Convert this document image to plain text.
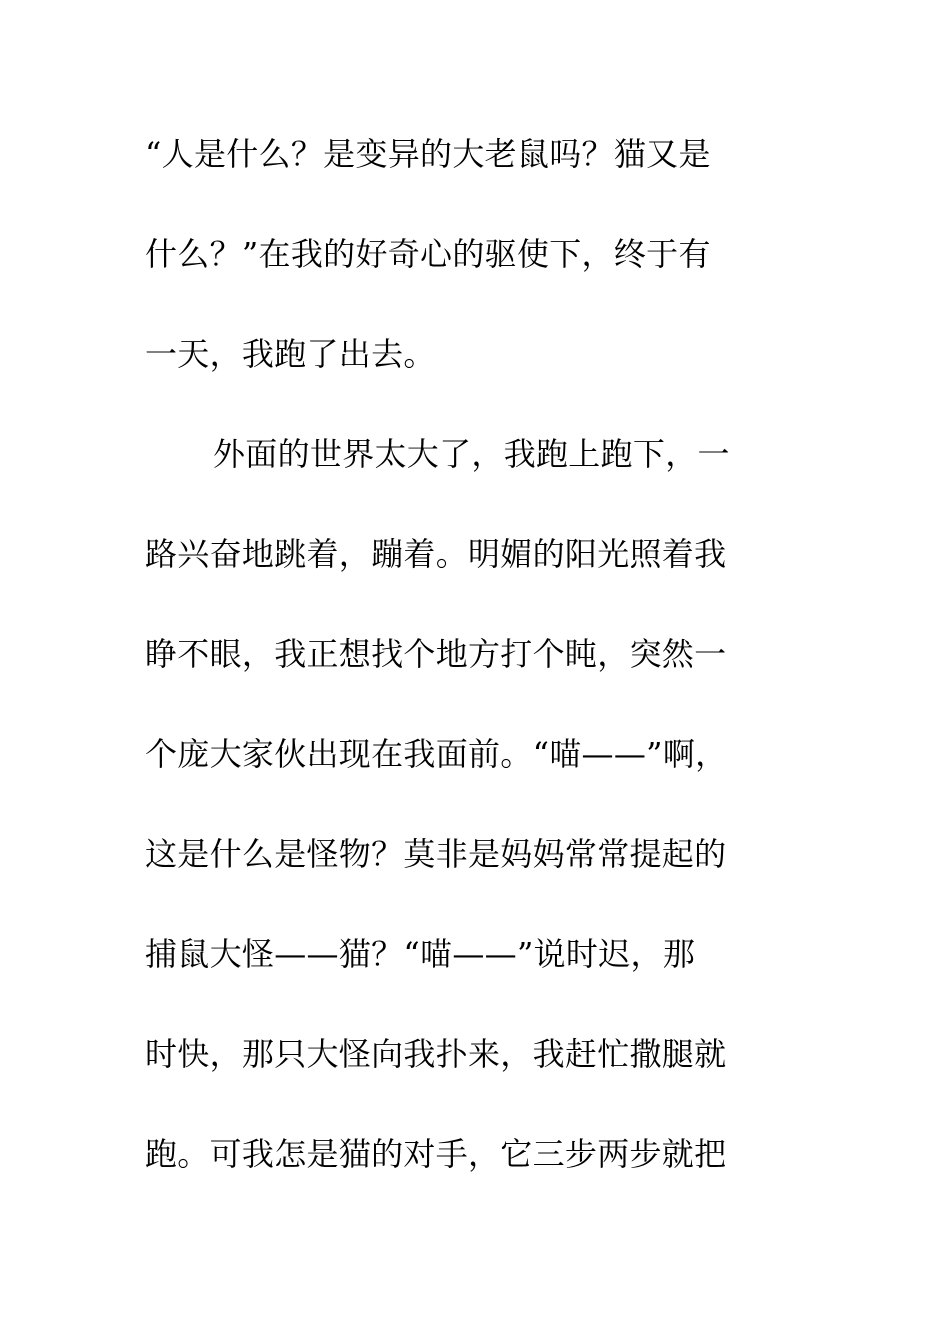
“人是什么？是变异的大老鼠吗？猫又是
什么？”在我的好奇心的驱使下，终于有
一天，我跑了出去。
外面的世界太大了，我跑上跑下，一
路兴奋地跳着，蹦着。明媚的阳光照着我
睁不眼，我正想找个地方打个盹，突然一
个庞大家伙出现在我面前。“喵——”啊，
这是什么是怪物？莫非是妈妈常常提起的
捕鼠大怪——猫？“喵——”说时迟，那
时快，那只大怪向我扑来，我赶忙撒腿就
跑。可我怎是猫的对手，它三步两步就把
